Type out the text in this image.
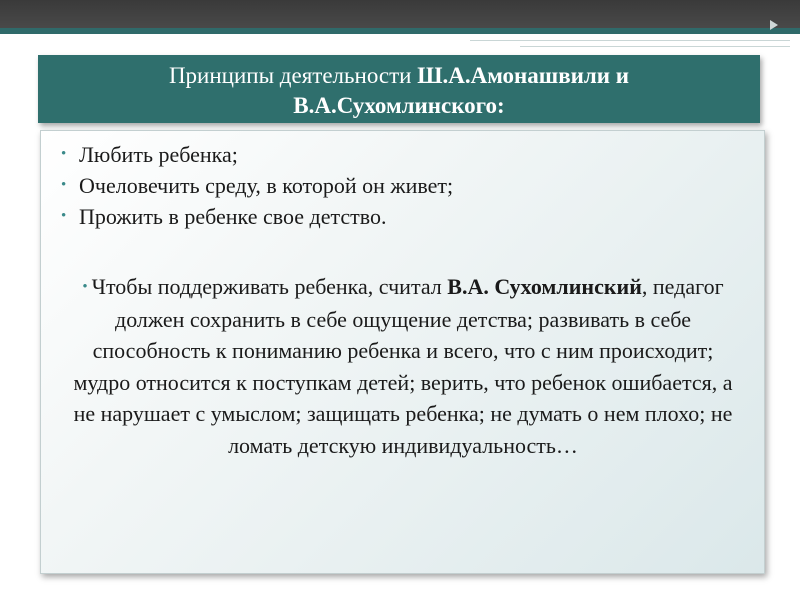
Принципы деятельности Ш.А.Амонашвили и
В.А.Сухомлинского:
• Любить ребенка;
• Очеловечить среду, в которой он живет;
• Прожить в ребенке свое детство.
• Чтобы поддерживать ребенка, считал В.А. Сухомлинский, педагог должен сохранить в себе ощущение детства; развивать в себе способность к пониманию ребенка и всего, что с ним происходит; мудро относится к поступкам детей; верить, что ребенок ошибается, а не нарушает с умыслом; защищать ребенка; не думать о нем плохо; не ломать детскую индивидуальность…
